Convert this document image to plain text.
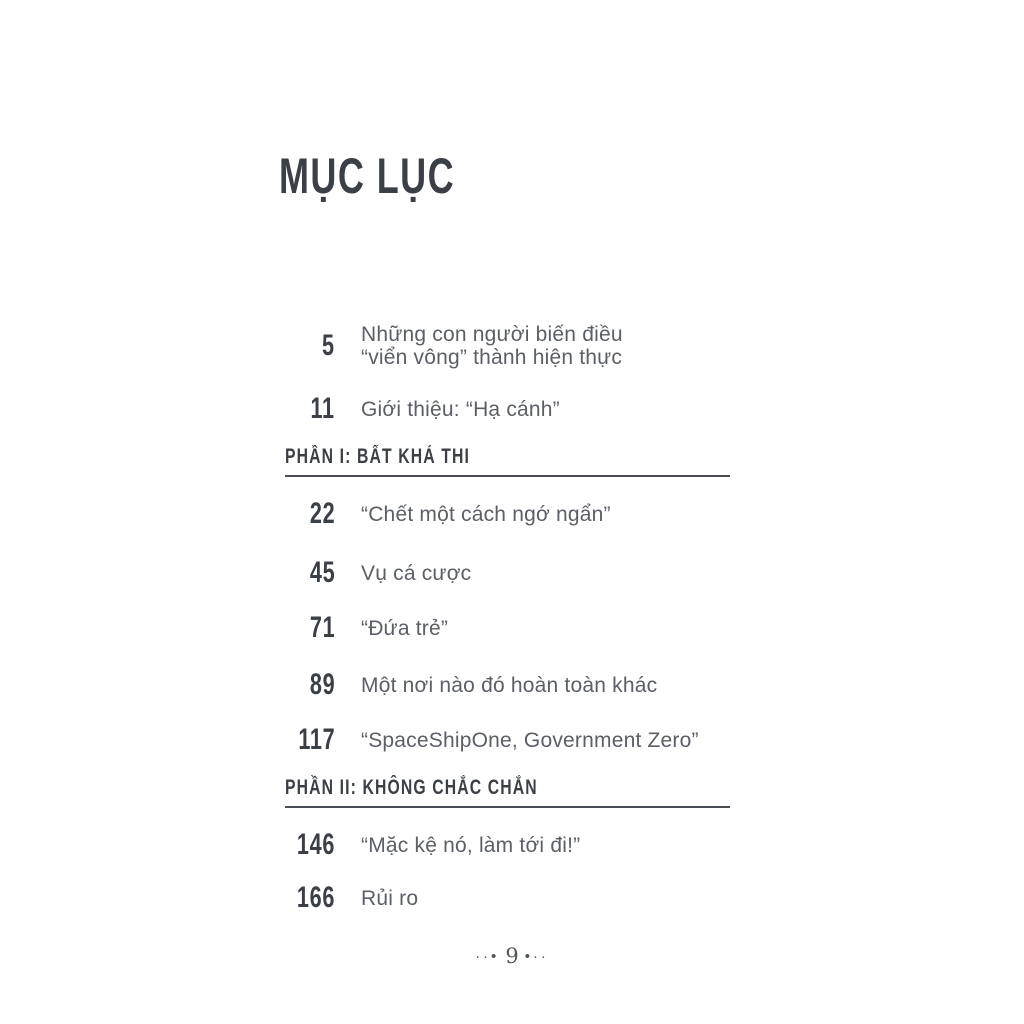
MỤC LỤC
5 Những con người biến điều
“viển vông” thành hiện thực
11 Giới thiệu: “Hạ cánh”
PHẦN I: BẤT KHẢ THI
22 “Chết một cách ngớ ngẩn”
45 Vụ cá cược
71 “Đứa trẻ”
89 Một nơi nào đó hoàn toàn khác
117 “SpaceShipOne, Government Zero”
PHẦN II: KHÔNG CHẮC CHẮN
146 “Mặc kệ nó, làm tới đi!”
166 Rủi ro
··• 9 •··
